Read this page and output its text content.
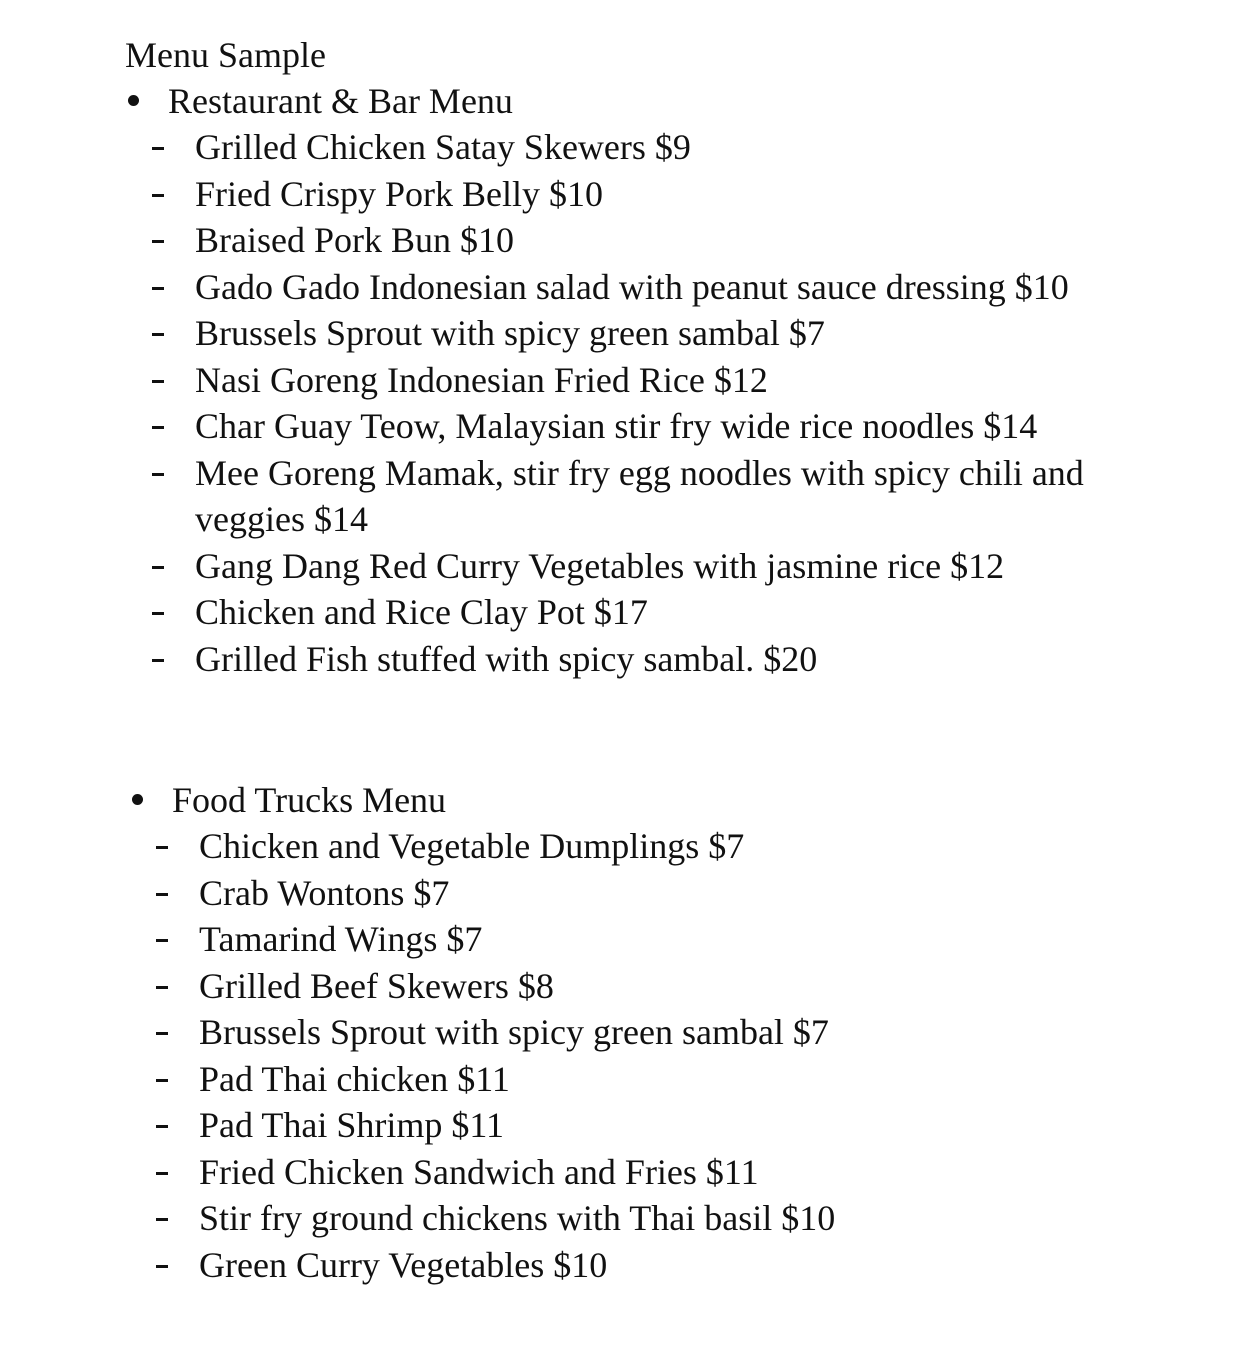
Menu Sample
Restaurant & Bar Menu
Grilled Chicken Satay Skewers $9
Fried Crispy Pork Belly $10
Braised Pork Bun $10
Gado Gado Indonesian salad with peanut sauce dressing $10
Brussels Sprout with spicy green sambal $7
Nasi Goreng Indonesian Fried Rice $12
Char Guay Teow, Malaysian stir fry wide rice noodles $14
Mee Goreng Mamak, stir fry egg noodles with spicy chili and veggies $14
Gang Dang Red Curry Vegetables with jasmine rice $12
Chicken and Rice Clay Pot $17
Grilled Fish stuffed with spicy sambal. $20
Food Trucks Menu
Chicken and Vegetable Dumplings $7
Crab Wontons $7
Tamarind Wings $7
Grilled Beef Skewers $8
Brussels Sprout with spicy green sambal $7
Pad Thai chicken $11
Pad Thai Shrimp $11
Fried Chicken Sandwich and Fries $11
Stir fry ground chickens with Thai basil $10
Green Curry Vegetables $10
